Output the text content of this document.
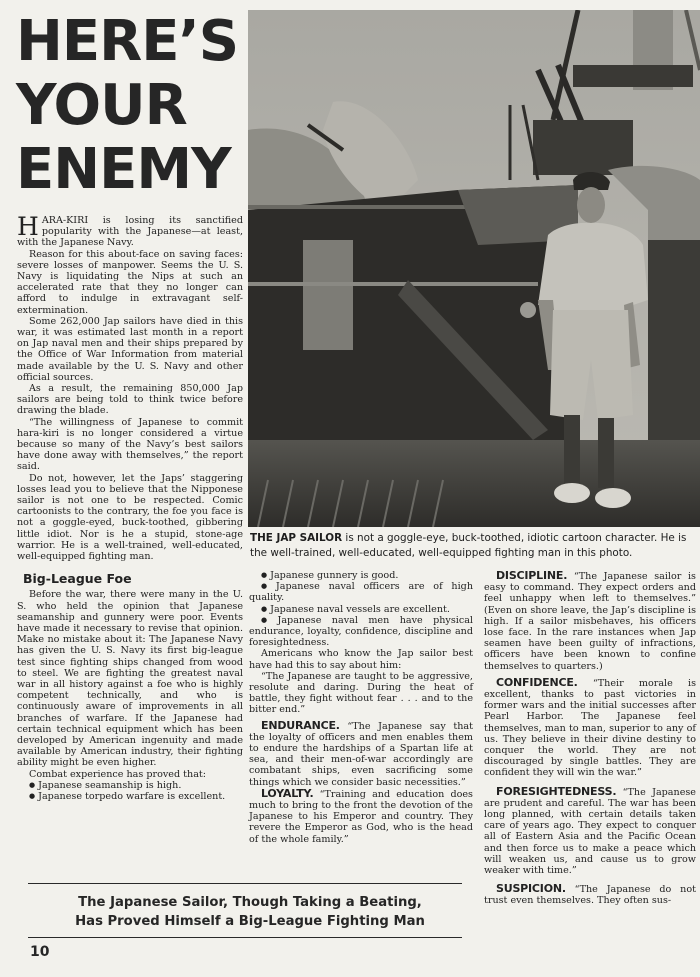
HERE’S
YOUR
ENEMY
THE JAP SAILOR is not a goggle-eye, buck-toothed, idiotic cartoon character. He is the well-trained, well-educated, well-equipped fighting man in this photo.

HARA-KIRI is losing its sanctified popularity with the Japanese—at least, with the Japanese Navy.

Reason for this about-face on saving faces: severe losses of manpower. Seems the U. S. Navy is liquidating the Nips at such an accelerated rate that they no longer can afford to indulge in extravagant self-extermination.

Some 262,000 Jap sailors have died in this war, it was estimated last month in a report on Jap naval men and their ships prepared by the Office of War Information from material made available by the U. S. Navy and other official sources.

As a result, the remaining 850,000 Jap sailors are being told to think twice before drawing the blade.

“The willingness of Japanese to commit hara-kiri is no longer considered a virtue because so many of the Navy’s best sailors have done away with themselves,” the report said.

Do not, however, let the Japs’ staggering losses lead you to believe that the Nipponese sailor is not one to be respected. Comic cartoonists to the contrary, the foe you face is not a goggle-eyed, buck-toothed, gibbering little idiot. Nor is he a stupid, stone-age warrior. He is a well-trained, well-educated, well-equipped fighting man.

Big-League Foe

Before the war, there were many in the U. S. who held the opinion that Japanese seamanship and gunnery were poor. Events have made it necessary to revise that opinion. Make no mistake about it: The Japanese Navy has given the U. S. Navy its first big-league test since fighting ships changed from wood to steel. We are fighting the greatest naval war in all history against a foe who is highly competent technically, and who is continuously aware of improvements in all branches of warfare. If the Japanese had certain technical equipment which has been developed by American ingenuity and made available by American industry, their fighting ability might be even higher.

Combat experience has proved that:

● Japanese seamanship is high.

● Japanese torpedo warfare is excellent.

● Japanese gunnery is good.

● Japanese naval officers are of high quality.

● Japanese naval vessels are excellent.

● Japanese naval men have physical endurance, loyalty, confidence, discipline and foresightedness.

Americans who know the Jap sailor best have had this to say about him:

“The Japanese are taught to be aggressive, resolute and daring. During the heat of battle, they fight without fear . . . and to the bitter end.”

ENDURANCE. “The Japanese say that the loyalty of officers and men enables them to endure the hardships of a Spartan life at sea, and their men-of-war accordingly are combatant ships, even sacrificing some things which we consider basic necessities.”

LOYALTY. “Training and education does much to bring to the front the devotion of the Japanese to his Emperor and country. They revere the Emperor as God, who is the head of the whole family.”

DISCIPLINE. “The Japanese sailor is easy to command. They expect orders and feel unhappy when left to themselves.” (Even on shore leave, the Jap’s discipline is high. If a sailor misbehaves, his officers lose face. In the rare instances when Jap seamen have been guilty of infractions, officers have been known to confine themselves to quarters.)

CONFIDENCE. “Their morale is excellent, thanks to past victories in former wars and the initial successes after Pearl Harbor. The Japanese feel themselves, man to man, superior to any of us. They believe in their divine destiny to conquer the world. They are not discouraged by single battles. They are confident they will win the war.”

FORESIGHTEDNESS. “The Japanese are prudent and careful. The war has been long planned, with certain details taken care of years ago. They expect to conquer all of Eastern Asia and the Pacific Ocean and then force us to make a peace which will weaken us, and cause us to grow weaker with time.”

SUSPICION. “The Japanese do not trust even themselves. They often sus-

The Japanese Sailor, Though Taking a Beating,
Has Proved Himself a Big-League Fighting Man
10
